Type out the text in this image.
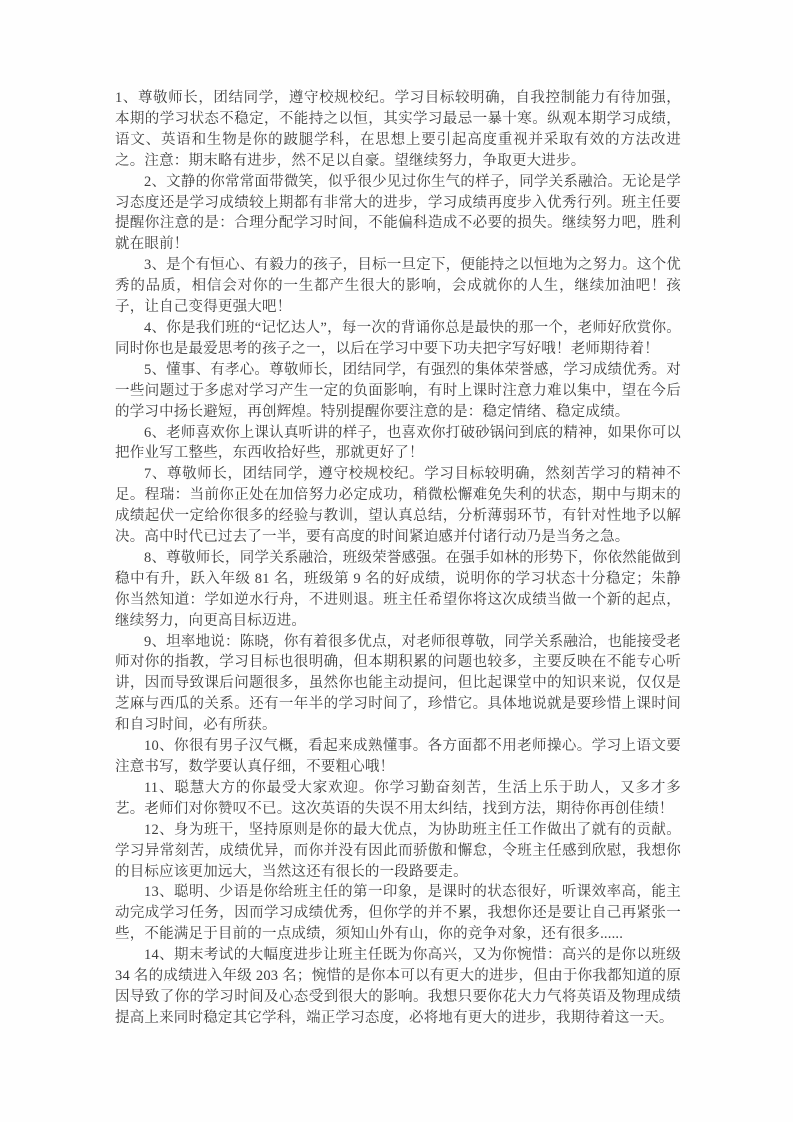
1、尊敬师长，团结同学，遵守校规校纪。学习目标较明确，自我控制能力有待加强，本期的学习状态不稳定，不能持之以恒，其实学习最忌一暴十寒。纵观本期学习成绩，语文、英语和生物是你的跛腿学科，在思想上要引起高度重视并采取有效的方法改进之。注意：期末略有进步，然不足以自豪。望继续努力，争取更大进步。

2、文静的你常常面带微笑，似乎很少见过你生气的样子，同学关系融洽。无论是学习态度还是学习成绩较上期都有非常大的进步，学习成绩再度步入优秀行列。班主任要提醒你注意的是：合理分配学习时间，不能偏科造成不必要的损失。继续努力吧，胜利就在眼前！

3、是个有恒心、有毅力的孩子，目标一旦定下，便能持之以恒地为之努力。这个优秀的品质，相信会对你的一生都产生很大的影响，会成就你的人生，继续加油吧！孩子，让自己变得更强大吧！

4、你是我们班的“记忆达人”，每一次的背诵你总是最快的那一个，老师好欣赏你。同时你也是最爱思考的孩子之一，以后在学习中要下功夫把字写好哦！老师期待着！

5、懂事、有孝心。尊敬师长，团结同学，有强烈的集体荣誉感，学习成绩优秀。对一些问题过于多虑对学习产生一定的负面影响，有时上课时注意力难以集中，望在今后的学习中扬长避短，再创辉煌。特别提醒你要注意的是：稳定情绪、稳定成绩。

6、老师喜欢你上课认真听讲的样子，也喜欢你打破砂锅问到底的精神，如果你可以把作业写工整些，东西收拾好些，那就更好了！

7、尊敬师长，团结同学，遵守校规校纪。学习目标较明确，然刻苦学习的精神不足。程瑞：当前你正处在加倍努力必定成功，稍微松懈难免失利的状态，期中与期末的成绩起伏一定给你很多的经验与教训，望认真总结，分析薄弱环节，有针对性地予以解决。高中时代已过去了一半，要有高度的时间紧迫感并付诸行动乃是当务之急。

8、尊敬师长，同学关系融洽，班级荣誉感强。在强手如林的形势下，你依然能做到稳中有升，跃入年级 81 名，班级第 9 名的好成绩，说明你的学习状态十分稳定；朱静你当然知道：学如逆水行舟，不进则退。班主任希望你将这次成绩当做一个新的起点，继续努力，向更高目标迈进。

9、坦率地说：陈晓，你有着很多优点，对老师很尊敬，同学关系融洽，也能接受老师对你的指教，学习目标也很明确，但本期积累的问题也较多，主要反映在不能专心听讲，因而导致课后问题很多，虽然你也能主动提问，但比起课堂中的知识来说，仅仅是芝麻与西瓜的关系。还有一年半的学习时间了，珍惜它。具体地说就是要珍惜上课时间和自习时间，必有所获。

10、你很有男子汉气概，看起来成熟懂事。各方面都不用老师操心。学习上语文要注意书写，数学要认真仔细，不要粗心哦！

11、聪慧大方的你最受大家欢迎。你学习勤奋刻苦，生活上乐于助人，又多才多艺。老师们对你赞叹不已。这次英语的失误不用太纠结，找到方法，期待你再创佳绩！

12、身为班干，坚持原则是你的最大优点，为协助班主任工作做出了就有的贡献。学习异常刻苦，成绩优异，而你并没有因此而骄傲和懈怠，令班主任感到欣慰，我想你的目标应该更加远大，当然这还有很长的一段路要走。

13、聪明、少语是你给班主任的第一印象，是课时的状态很好，听课效率高，能主动完成学习任务，因而学习成绩优秀，但你学的并不累，我想你还是要让自己再紧张一些，不能满足于目前的一点成绩，须知山外有山，你的竞争对象，还有很多......

14、期末考试的大幅度进步让班主任既为你高兴，又为你惋惜：高兴的是你以班级 34 名的成绩进入年级 203 名；惋惜的是你本可以有更大的进步，但由于你我都知道的原因导致了你的学习时间及心态受到很大的影响。我想只要你花大力气将英语及物理成绩提高上来同时稳定其它学科，端正学习态度，必将地有更大的进步，我期待着这一天。
